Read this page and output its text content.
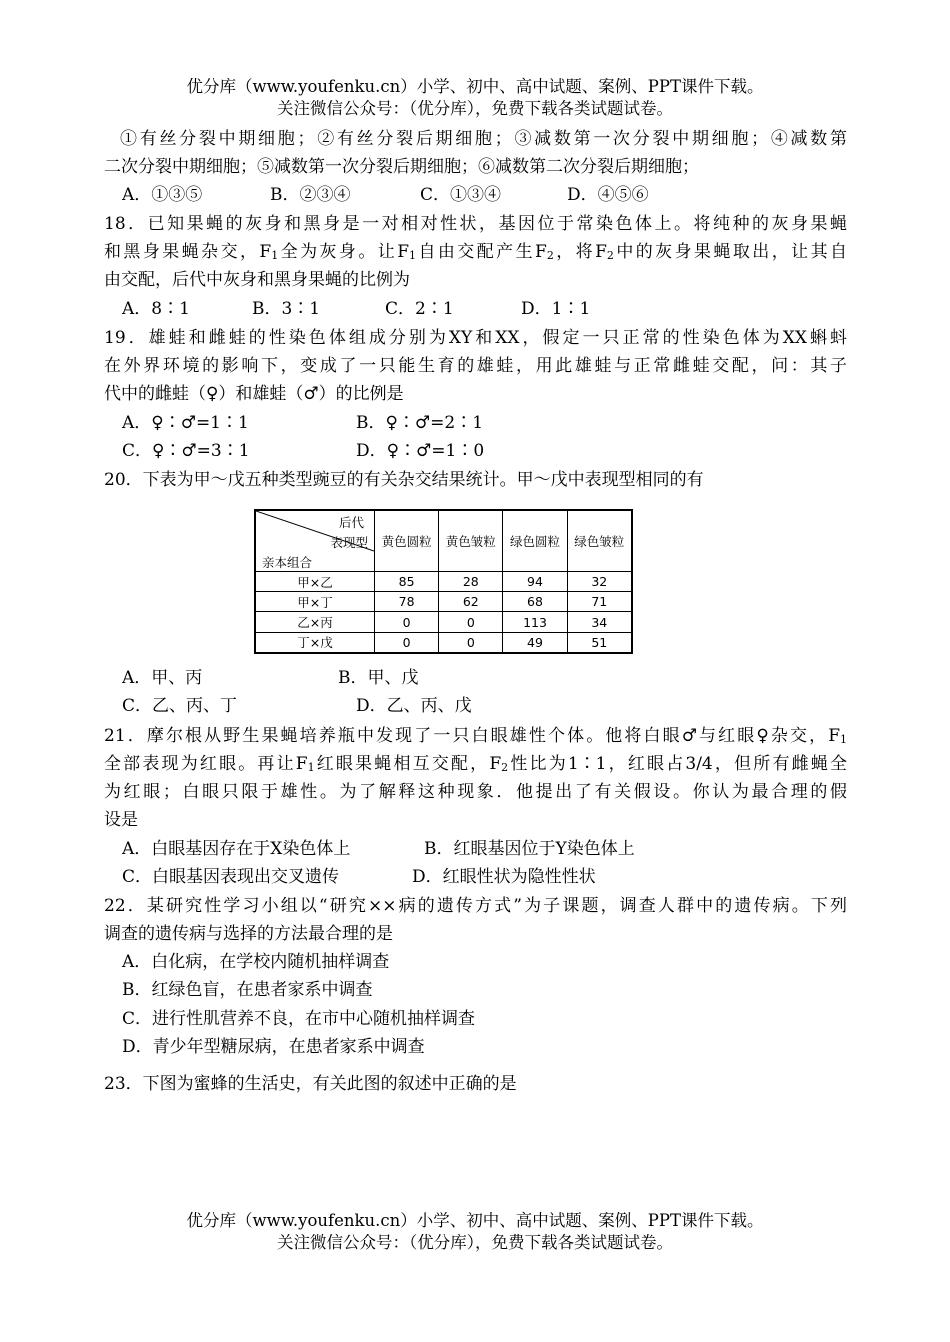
优分库（www.youfenku.cn）小学、初中、高中试题、案例、PPT课件下载。
关注微信公众号：（优分库），免费下载各类试题试卷。
①有丝分裂中期细胞；②有丝分裂后期细胞；③减数第一次分裂中期细胞；④减数第
二次分裂中期细胞；⑤减数第一次分裂后期细胞；⑥减数第二次分裂后期细胞；
A．①③⑤	B．②③④	C．①③④	D．④⑤⑥
18．已知果蝇的灰身和黑身是一对相对性状，基因位于常染色体上。将纯种的灰身果蝇
和黑身果蝇杂交，$F_1$全为灰身。让$F_1$自由交配产生$F_2$，将$F_2$中的灰身果蝇取出，让其自
由交配，后代中灰身和黑身果蝇的比例为
A．8∶1	B．3∶1	C．2∶1	D．1∶1
19．雄蛙和雌蛙的性染色体组成分别为XY和XX，假定一只正常的性染色体为XX蝌蚪
在外界环境的影响下，变成了一只能生育的雄蛙，用此雄蛙与正常雌蛙交配，问：其子
代中的雌蛙（♀）和雄蛙（♂）的比例是
A．♀∶♂=1∶1	B．♀∶♂=2∶1
C．♀∶♂=3∶1	D．♀∶♂=1∶0
20．下表为甲～戊五种类型豌豆的有关杂交结果统计。甲～戊中表现型相同的有
后代
表现型
亲本组合	黄色圆粒	黄色皱粒	绿色圆粒	绿色皱粒
甲×乙	85	28	94	32
甲×丁	78	62	68	71
乙×丙	0	0	113	34
丁×戊	0	0	49	51
A．甲、丙	B．甲、戊
C．乙、丙、丁	D．乙、丙、戊
21．摩尔根从野生果蝇培养瓶中发现了一只白眼雄性个体。他将白眼♂与红眼♀杂交，$F_1$
全部表现为红眼。再让$F_1$红眼果蝇相互交配，$F_2$性比为1∶1，红眼占3/4，但所有雌蝇全
为红眼；白眼只限于雄性。为了解释这种现象．他提出了有关假设。你认为最合理的假
设是
A．白眼基因存在于X染色体上	B．红眼基因位于Y染色体上
C．白眼基因表现出交叉遗传	D．红眼性状为隐性性状
22．某研究性学习小组以“研究××病的遗传方式”为子课题，调查人群中的遗传病。下列
调查的遗传病与选择的方法最合理的是
A．白化病，在学校内随机抽样调查
B．红绿色盲，在患者家系中调查
C．进行性肌营养不良，在市中心随机抽样调查
D．青少年型糖尿病，在患者家系中调查
23．下图为蜜蜂的生活史，有关此图的叙述中正确的是
优分库（www.youfenku.cn）小学、初中、高中试题、案例、PPT课件下载。
关注微信公众号：（优分库），免费下载各类试题试卷。
